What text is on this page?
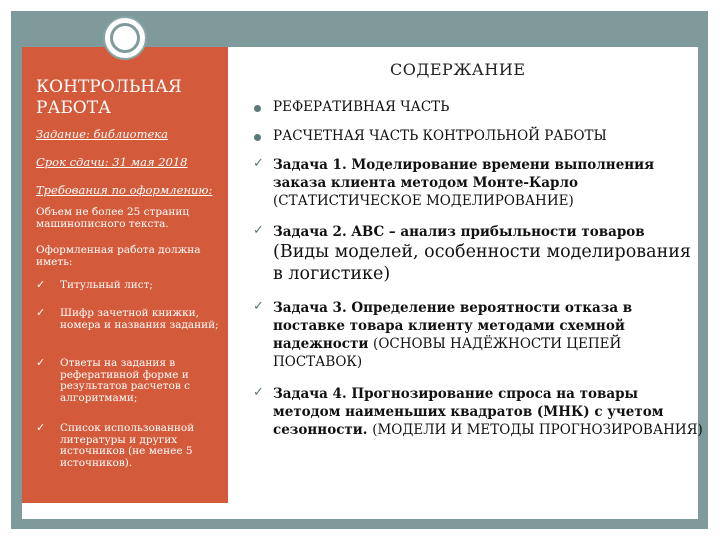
КОНТРОЛЬНАЯ РАБОТА
Задание: библиотека
Срок сдачи: 31 мая 2018
Требования по оформлению:
Объем не более 25 страниц машинописного текста.
Оформленная работа должна иметь:
✓ Титульный лист;
✓ Шифр зачетной книжки, номера и названия заданий;
✓ Ответы на задания в реферативной форме и результатов расчетов с алгоритмами;
✓ Список использованной литературы и других источников (не менее 5 источников).
СОДЕРЖАНИЕ
РЕФЕРАТИВНАЯ ЧАСТЬ
РАСЧЕТНАЯ ЧАСТЬ КОНТРОЛЬНОЙ РАБОТЫ
✓ Задача 1. Моделирование времени выполнения заказа клиента методом Монте-Карло (СТАТИСТИЧЕСКОЕ МОДЕЛИРОВАНИЕ)
✓ Задача 2. ABC – анализ прибыльности товаров
(Виды моделей, особенности моделирования в логистике)
✓ Задача 3. Определение вероятности отказа в поставке товара клиенту методами схемной надежности (ОСНОВЫ НАДЁЖНОСТИ ЦЕПЕЙ ПОСТАВОК)
✓ Задача 4. Прогнозирование спроса на товары методом наименьших квадратов (МНК) с учетом сезонности. (МОДЕЛИ И МЕТОДЫ ПРОГНОЗИРОВАНИЯ)
